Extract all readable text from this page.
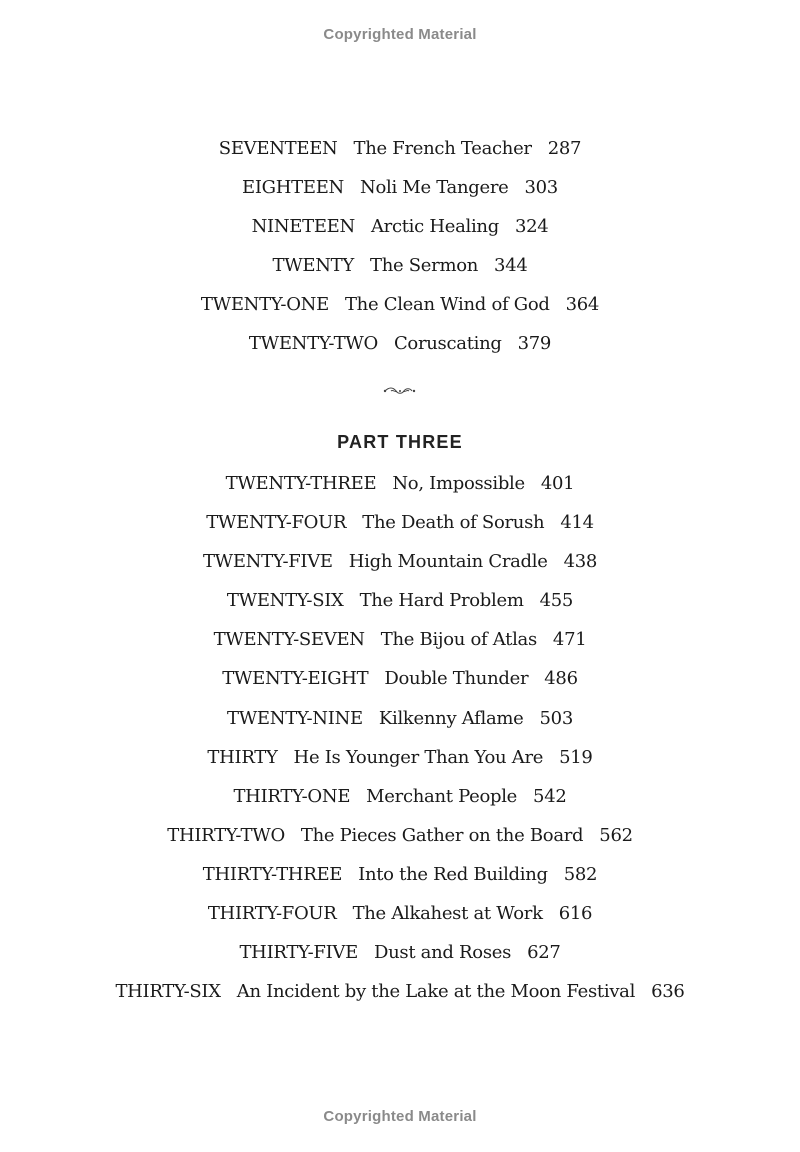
Copyrighted Material
SEVENTEEN The French Teacher 287
EIGHTEEN Noli Me Tangere 303
NINETEEN Arctic Healing 324
TWENTY The Sermon 344
TWENTY-ONE The Clean Wind of God 364
TWENTY-TWO Coruscating 379
PART THREE
TWENTY-THREE No, Impossible 401
TWENTY-FOUR The Death of Sorush 414
TWENTY-FIVE High Mountain Cradle 438
TWENTY-SIX The Hard Problem 455
TWENTY-SEVEN The Bijou of Atlas 471
TWENTY-EIGHT Double Thunder 486
TWENTY-NINE Kilkenny Aflame 503
THIRTY He Is Younger Than You Are 519
THIRTY-ONE Merchant People 542
THIRTY-TWO The Pieces Gather on the Board 562
THIRTY-THREE Into the Red Building 582
THIRTY-FOUR The Alkahest at Work 616
THIRTY-FIVE Dust and Roses 627
THIRTY-SIX An Incident by the Lake at the Moon Festival 636
Copyrighted Material
